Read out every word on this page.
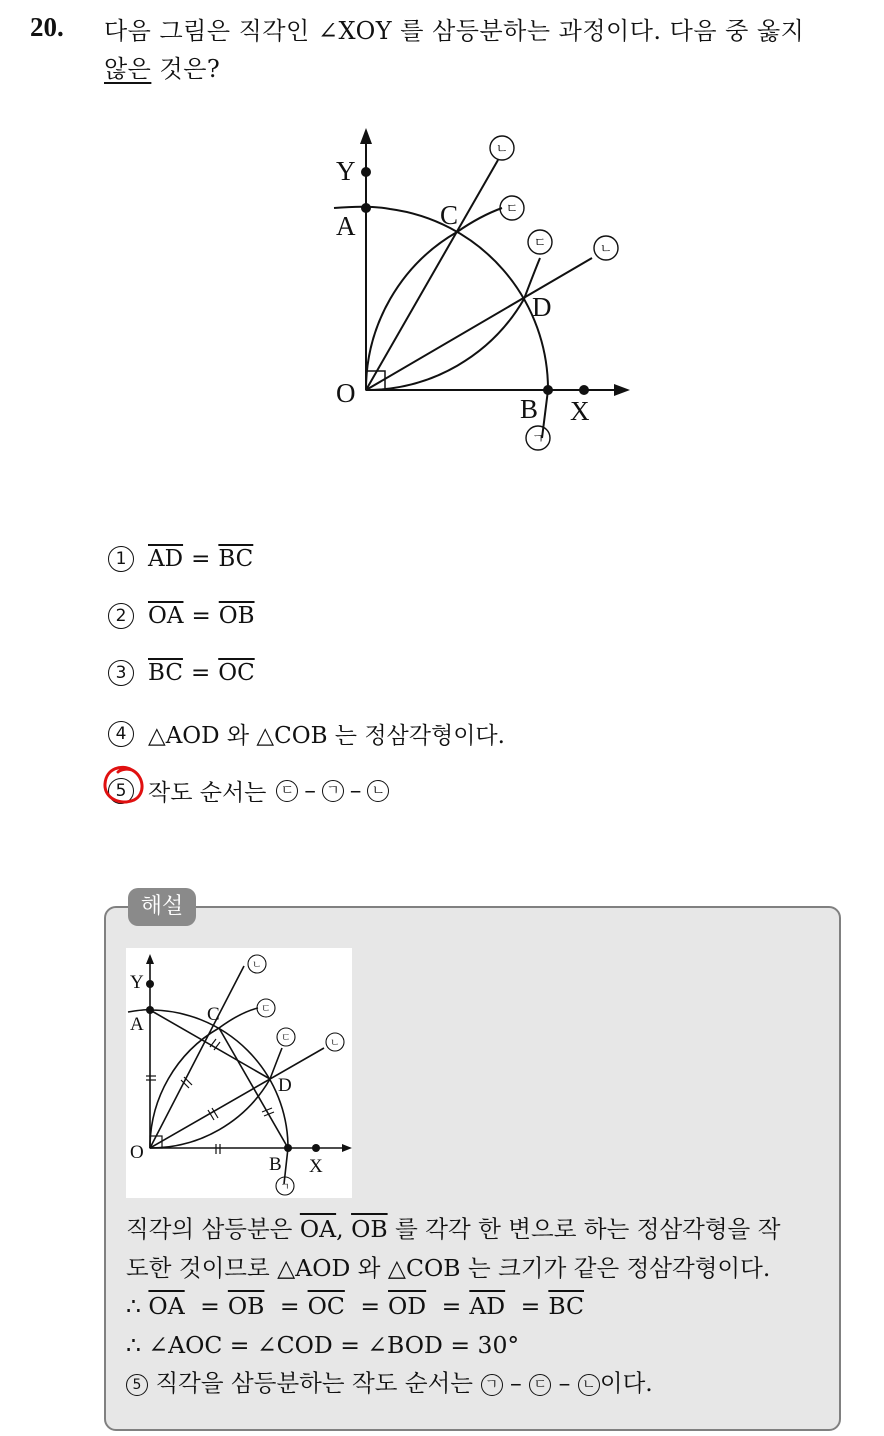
20. 다음 그림은 직각인 ∠XOY 를 삼등분하는 과정이다. 다음 중 옳지
않은 것은?
Y
A	C
D
O
B X
ㄴ
ㄷ
ㄷ	ㄴ
ㄱ
1 $\overline{AD} = \overline{BC}$
2 $\overline{OA} = \overline{OB}$
3 $\overline{BC} = \overline{OC}$
4 △AOD 와 △COB 는 정삼각형이다.
5 작도 순서는	ㄷ – ㄱ – ㄴ
해설
Y
A	C
D
O
B X
ㄴ
ㄷ
ㄷ	ㄴ
ㄱ
직각의 삼등분은 $\overline{OA}$, $\overline{OB}$ 를 각각 한 변으로 하는 정삼각형을 작
도한 것이므로 △AOD 와 △COB 는 크기가 같은 정삼각형이다.
∴ $\overline{OA} = \overline{OB} = \overline{OC} = \overline{OD} = \overline{AD} = \overline{BC}$
∴ ∠AOC = ∠COD = ∠BOD = 30°
5 직각을 삼등분하는 작도 순서는 ㄱ – ㄷ – ㄴ 이다.
